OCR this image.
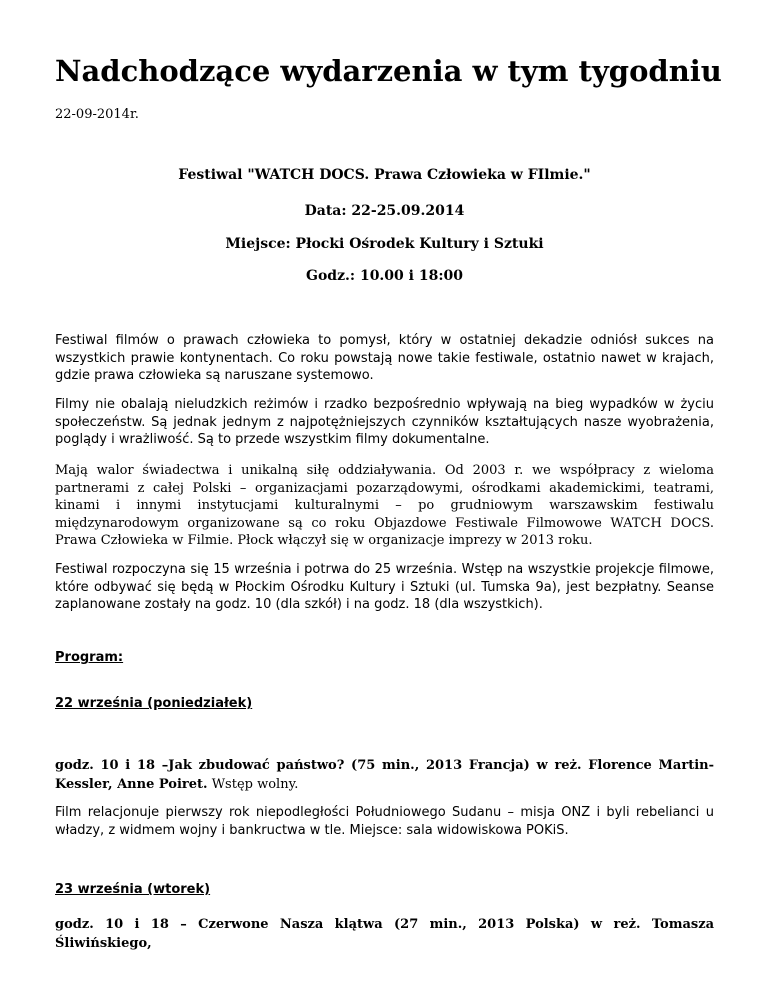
Nadchodzące wydarzenia w tym tygodniu

22-09-2014r.

Festiwal "WATCH DOCS. Prawa Człowieka w FIlmie."

Data: 22-25.09.2014

Miejsce: Płocki Ośrodek Kultury i Sztuki

Godz.: 10.00 i 18:00

Festiwal filmów o prawach człowieka to pomysł, który w ostatniej dekadzie odniósł sukces na wszystkich prawie kontynentach. Co roku powstają nowe takie festiwale, ostatnio nawet w krajach, gdzie prawa człowieka są naruszane systemowo.

Filmy nie obalają nieludzkich reżimów i rzadko bezpośrednio wpływają na bieg wypadków w życiu społeczeństw. Są jednak jednym z najpotężniejszych czynników kształtujących nasze wyobrażenia, poglądy i wrażliwość. Są to przede wszystkim filmy dokumentalne.

Mają walor świadectwa i unikalną siłę oddziaływania. Od 2003 r. we współpracy z wieloma partnerami z całej Polski – organizacjami pozarządowymi, ośrodkami akademickimi, teatrami, kinami i innymi instytucjami kulturalnymi – po grudniowym warszawskim festiwalu międzynarodowym organizowane są co roku Objazdowe Festiwale Filmowowe WATCH DOCS. Prawa Człowieka w Filmie. Płock włączył się w organizacje imprezy w 2013 roku.

Festiwal rozpoczyna się 15 września i potrwa do 25 września. Wstęp na wszystkie projekcje filmowe, które odbywać się będą w Płockim Ośrodku Kultury i Sztuki (ul. Tumska 9a), jest bezpłatny. Seanse zaplanowane zostały na godz. 10 (dla szkół) i na godz. 18 (dla wszystkich).

Program:

22 września (poniedziałek)

godz. 10 i 18 –Jak zbudować państwo? (75 min., 2013 Francja) w reż. Florence Martin-Kessler, Anne Poiret. Wstęp wolny.

Film relacjonuje pierwszy rok niepodległości Południowego Sudanu – misja ONZ i byli rebelianci u władzy, z widmem wojny i bankructwa w tle. Miejsce: sala widowiskowa POKiS.

23 września (wtorek)

godz. 10 i 18 – Czerwone Nasza klątwa (27 min., 2013 Polska) w reż. Tomasza Śliwińskiego,
